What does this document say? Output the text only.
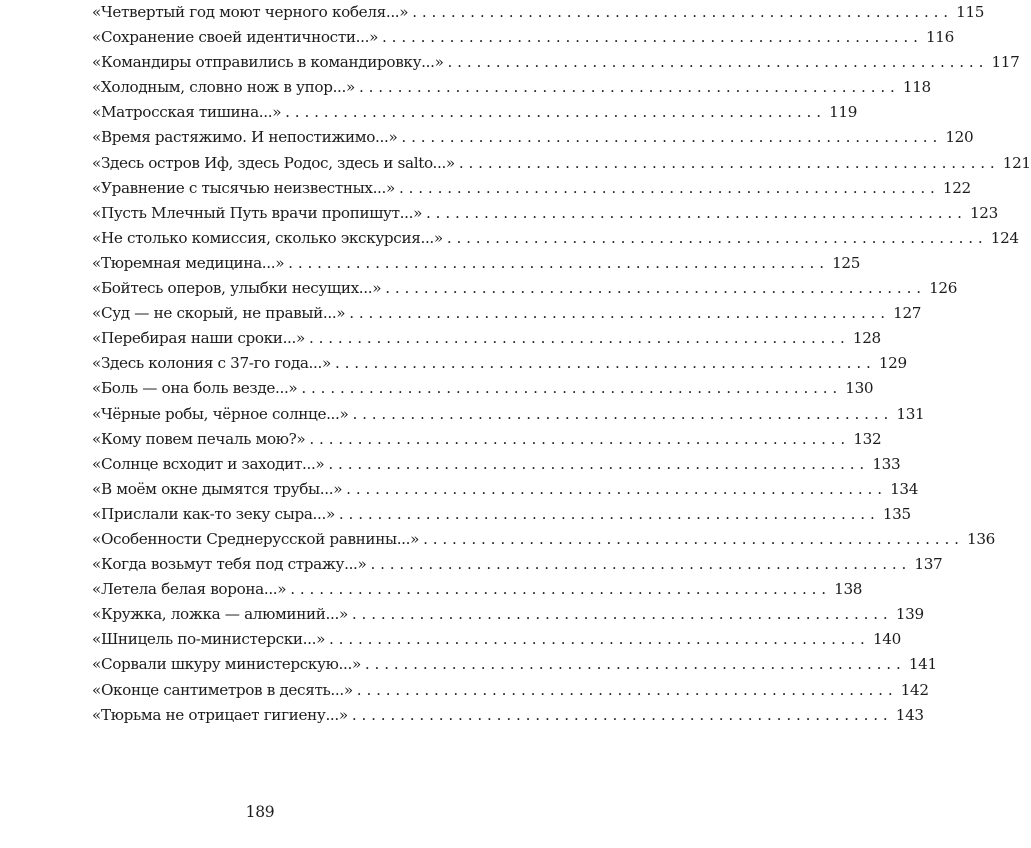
«Четвертый год моют черного кобеля...» . . .	115
«Сохранение своей идентичности...» . . .	116
«Командиры отправились в командировку...» . . .	117
«Холодным, словно нож в упор...» . . .	118
«Матросская тишина...» . . .	119
«Время растяжимо. И непостижимо...» . . .	120
«Здесь остров Иф, здесь Родос, здесь и salto...» . . .	121
«Уравнение с тысячью неизвестных...» . . .	122
«Пусть Млечный Путь врачи пропишут...» . . .	123
«Не столько комиссия, сколько экскурсия...» . . .	124
«Тюремная медицина...» . . .	125
«Бойтесь оперов, улыбки несущих...» . . .	126
«Суд — не скорый, не правый...» . . .	127
«Перебирая наши сроки...» . . .	128
«Здесь колония с 37-го года...» . . .	129
«Боль — она боль везде...» . . .	130
«Чёрные робы, чёрное солнце...» . . .	131
«Кому повем печаль мою?» . . .	132
«Солнце всходит и заходит...» . . .	133
«В моём окне дымятся трубы...» . . .	134
«Прислали как-то зеку сыра...» . . .	135
«Особенности Среднерусской равнины...» . . .	136
«Когда возьмут тебя под стражу...» . . .	137
«Летела белая ворона...» . . .	138
«Кружка, ложка — алюминий...» . . .	139
«Шницель по-министерски...» . . .	140
«Сорвали шкуру министерскую...» . . .	141
«Оконце сантиметров в десять...» . . .	142
«Тюрьма не отрицает гигиену...» . . .	143
189
